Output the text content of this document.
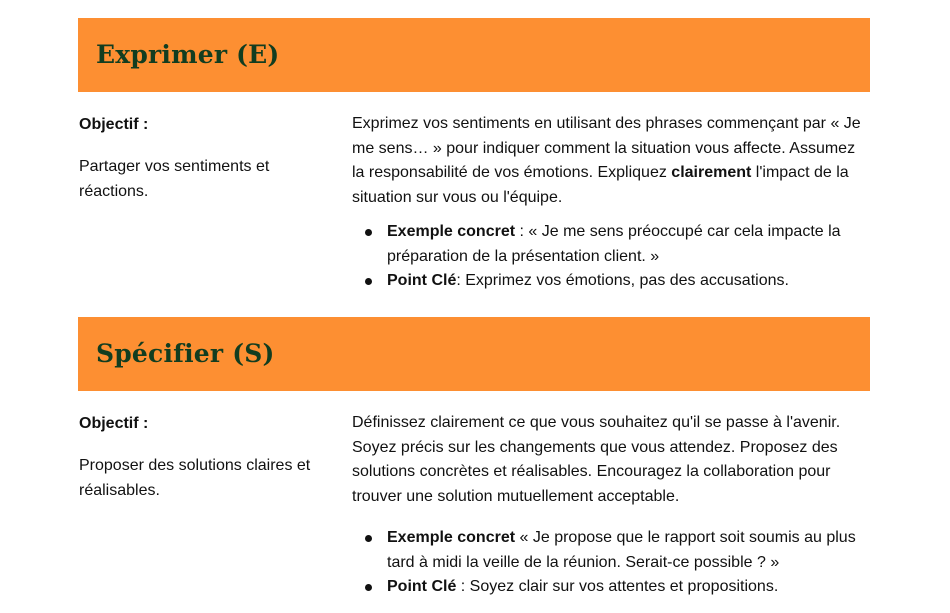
Exprimer (E)

Objectif :

Partager vos sentiments et réactions.

Exprimez vos sentiments en utilisant des phrases commençant par « Je me sens… » pour indiquer comment la situation vous affecte. Assumez la responsabilité de vos émotions. Expliquez clairement l'impact de la situation sur vous ou l'équipe.

Exemple concret : « Je me sens préoccupé car cela impacte la préparation de la présentation client. »
Point Clé: Exprimez vos émotions, pas des accusations.
Spécifier (S)

Objectif :

Proposer des solutions claires et réalisables.

Définissez clairement ce que vous souhaitez qu'il se passe à l'avenir. Soyez précis sur les changements que vous attendez. Proposez des solutions concrètes et réalisables. Encouragez la collaboration pour trouver une solution mutuellement acceptable.

Exemple concret « Je propose que le rapport soit soumis au plus tard à midi la veille de la réunion. Serait-ce possible ? »
Point Clé : Soyez clair sur vos attentes et propositions.
